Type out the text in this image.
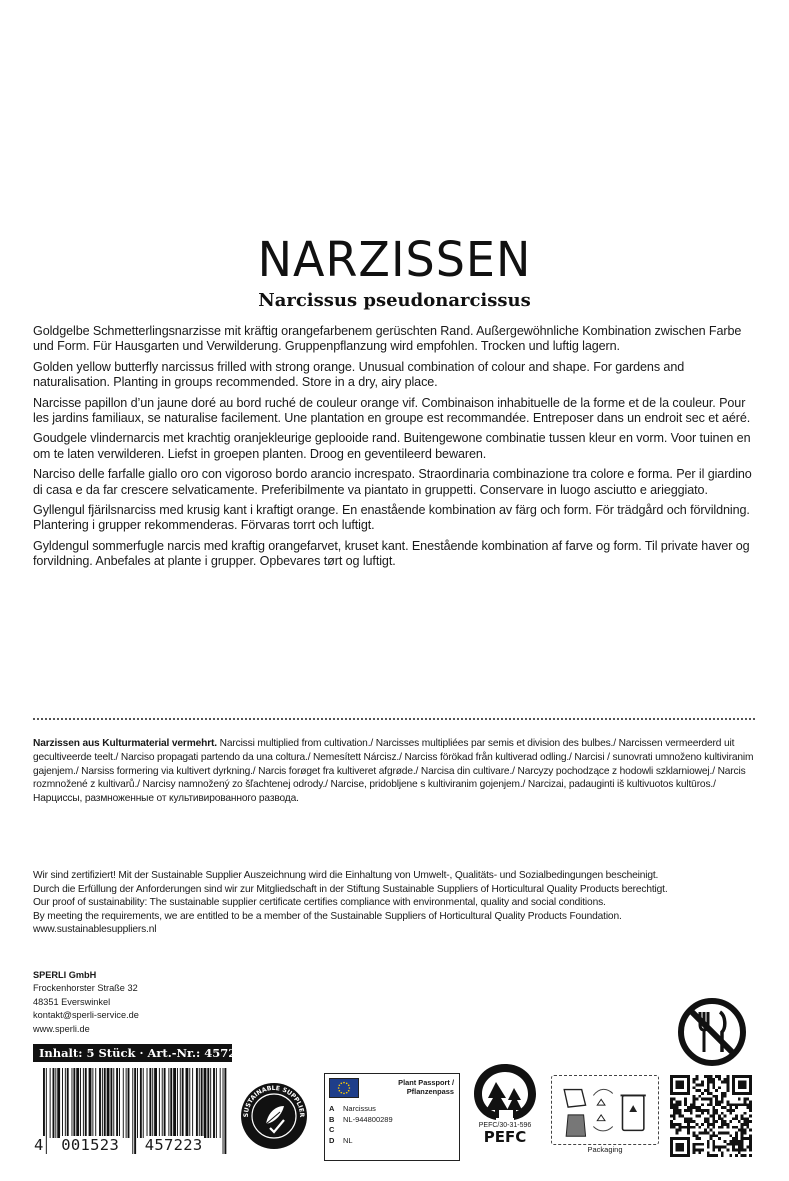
NARZISSEN
Narcissus pseudonarcissus

Goldgelbe Schmetterlingsnarzisse mit kräftig orangefarbenem gerüschten Rand. Außergewöhnliche Kombination zwischen Farbe und Form. Für Hausgarten und Verwilderung. Gruppenpflanzung wird empfohlen. Trocken und luftig lagern.

Golden yellow butterfly narcissus frilled with strong orange. Unusual combination of colour and shape. For gardens and naturalisation. Planting in groups recommended. Store in a dry, airy place.

Narcisse papillon d’un jaune doré au bord ruché de couleur orange vif. Combinaison inhabituelle de la forme et de la couleur. Pour les jardins familiaux, se naturalise facilement. Une plantation en groupe est recommandée. Entreposer dans un endroit sec et aéré.

Goudgele vlindernarcis met krachtig oranjekleurige geplooide rand. Buitengewone combinatie tussen kleur en vorm. Voor tuinen en om te laten verwilderen. Liefst in groepen planten. Droog en geventileerd bewaren.

Narciso delle farfalle giallo oro con vigoroso bordo arancio increspato. Straordinaria combinazione tra colore e forma. Per il giardino di casa e da far crescere selvaticamente. Preferibilmente va piantato in gruppetti. Conservare in luogo asciutto e arieggiato.

Gyllengul fjärilsnarciss med krusig kant i kraftigt orange. En enastående kombination av färg och form. För trädgård och förvildning. Plantering i grupper rekommenderas. Förvaras torrt och luftigt.

Gyldengul sommerfugle narcis med kraftig orangefarvet, kruset kant. Enestående kombination af farve og form. Til private haver og forvildning. Anbefales at plante i grupper. Opbevares tørt og luftigt.

Narzissen aus Kulturmaterial vermehrt. Narcissi multiplied from cultivation./ Narcisses multipliées par semis et division des bulbes./ Narcissen vermeerderd uit gecultiveerde teelt./ Narciso propagati partendo da una coltura./ Nemesített Nárcisz./ Narciss förökad från kultiverad odling./ Narcisi / sunovrati umnoženo kultiviranim gajenjem./ Narsiss formering via kultivert dyrkning./ Narcis forøget fra kultiveret afgrøde./ Narcisa din cultivare./ Narcyzy pochodzące z hodowli szklarniowej./ Narcis rozmnožené z kultivarů./ Narcisy namnožený zo šľachtenej odrody./ Narcise, pridobljene s kultiviranim gojenjem./ Narcizai, padauginti iš kultivuotos kultūros./ Нарциссы, размноженные от культивированного развода.
Wir sind zertifiziert! Mit der Sustainable Supplier Auszeichnung wird die Einhaltung von Umwelt-, Qualitäts- und Sozialbedingungen bescheinigt.
Durch die Erfüllung der Anforderungen sind wir zur Mitgliedschaft in der Stiftung Sustainable Suppliers of Horticultural Quality Products berechtigt.
Our proof of sustainability: The sustainable supplier certificate certifies compliance with environmental, quality and social conditions.
By meeting the requirements, we are entitled to be a member of the Sustainable Suppliers of Horticultural Quality Products Foundation.
www.sustainablesuppliers.nl
SPERLI GmbH
Frockenhorster Straße 32
48351 Everswinkel
kontakt@sperli-service.de
www.sperli.de
Inhalt: 5 Stück · Art.-Nr.: 457223
4 001523 457223
SUSTAINABLE SUPPLIER
Plant Passport /
Pflanzenpass
A Narcissus
B NL-944800289
C
D NL	PEFC
PEFC/30-31-596
Packaging
